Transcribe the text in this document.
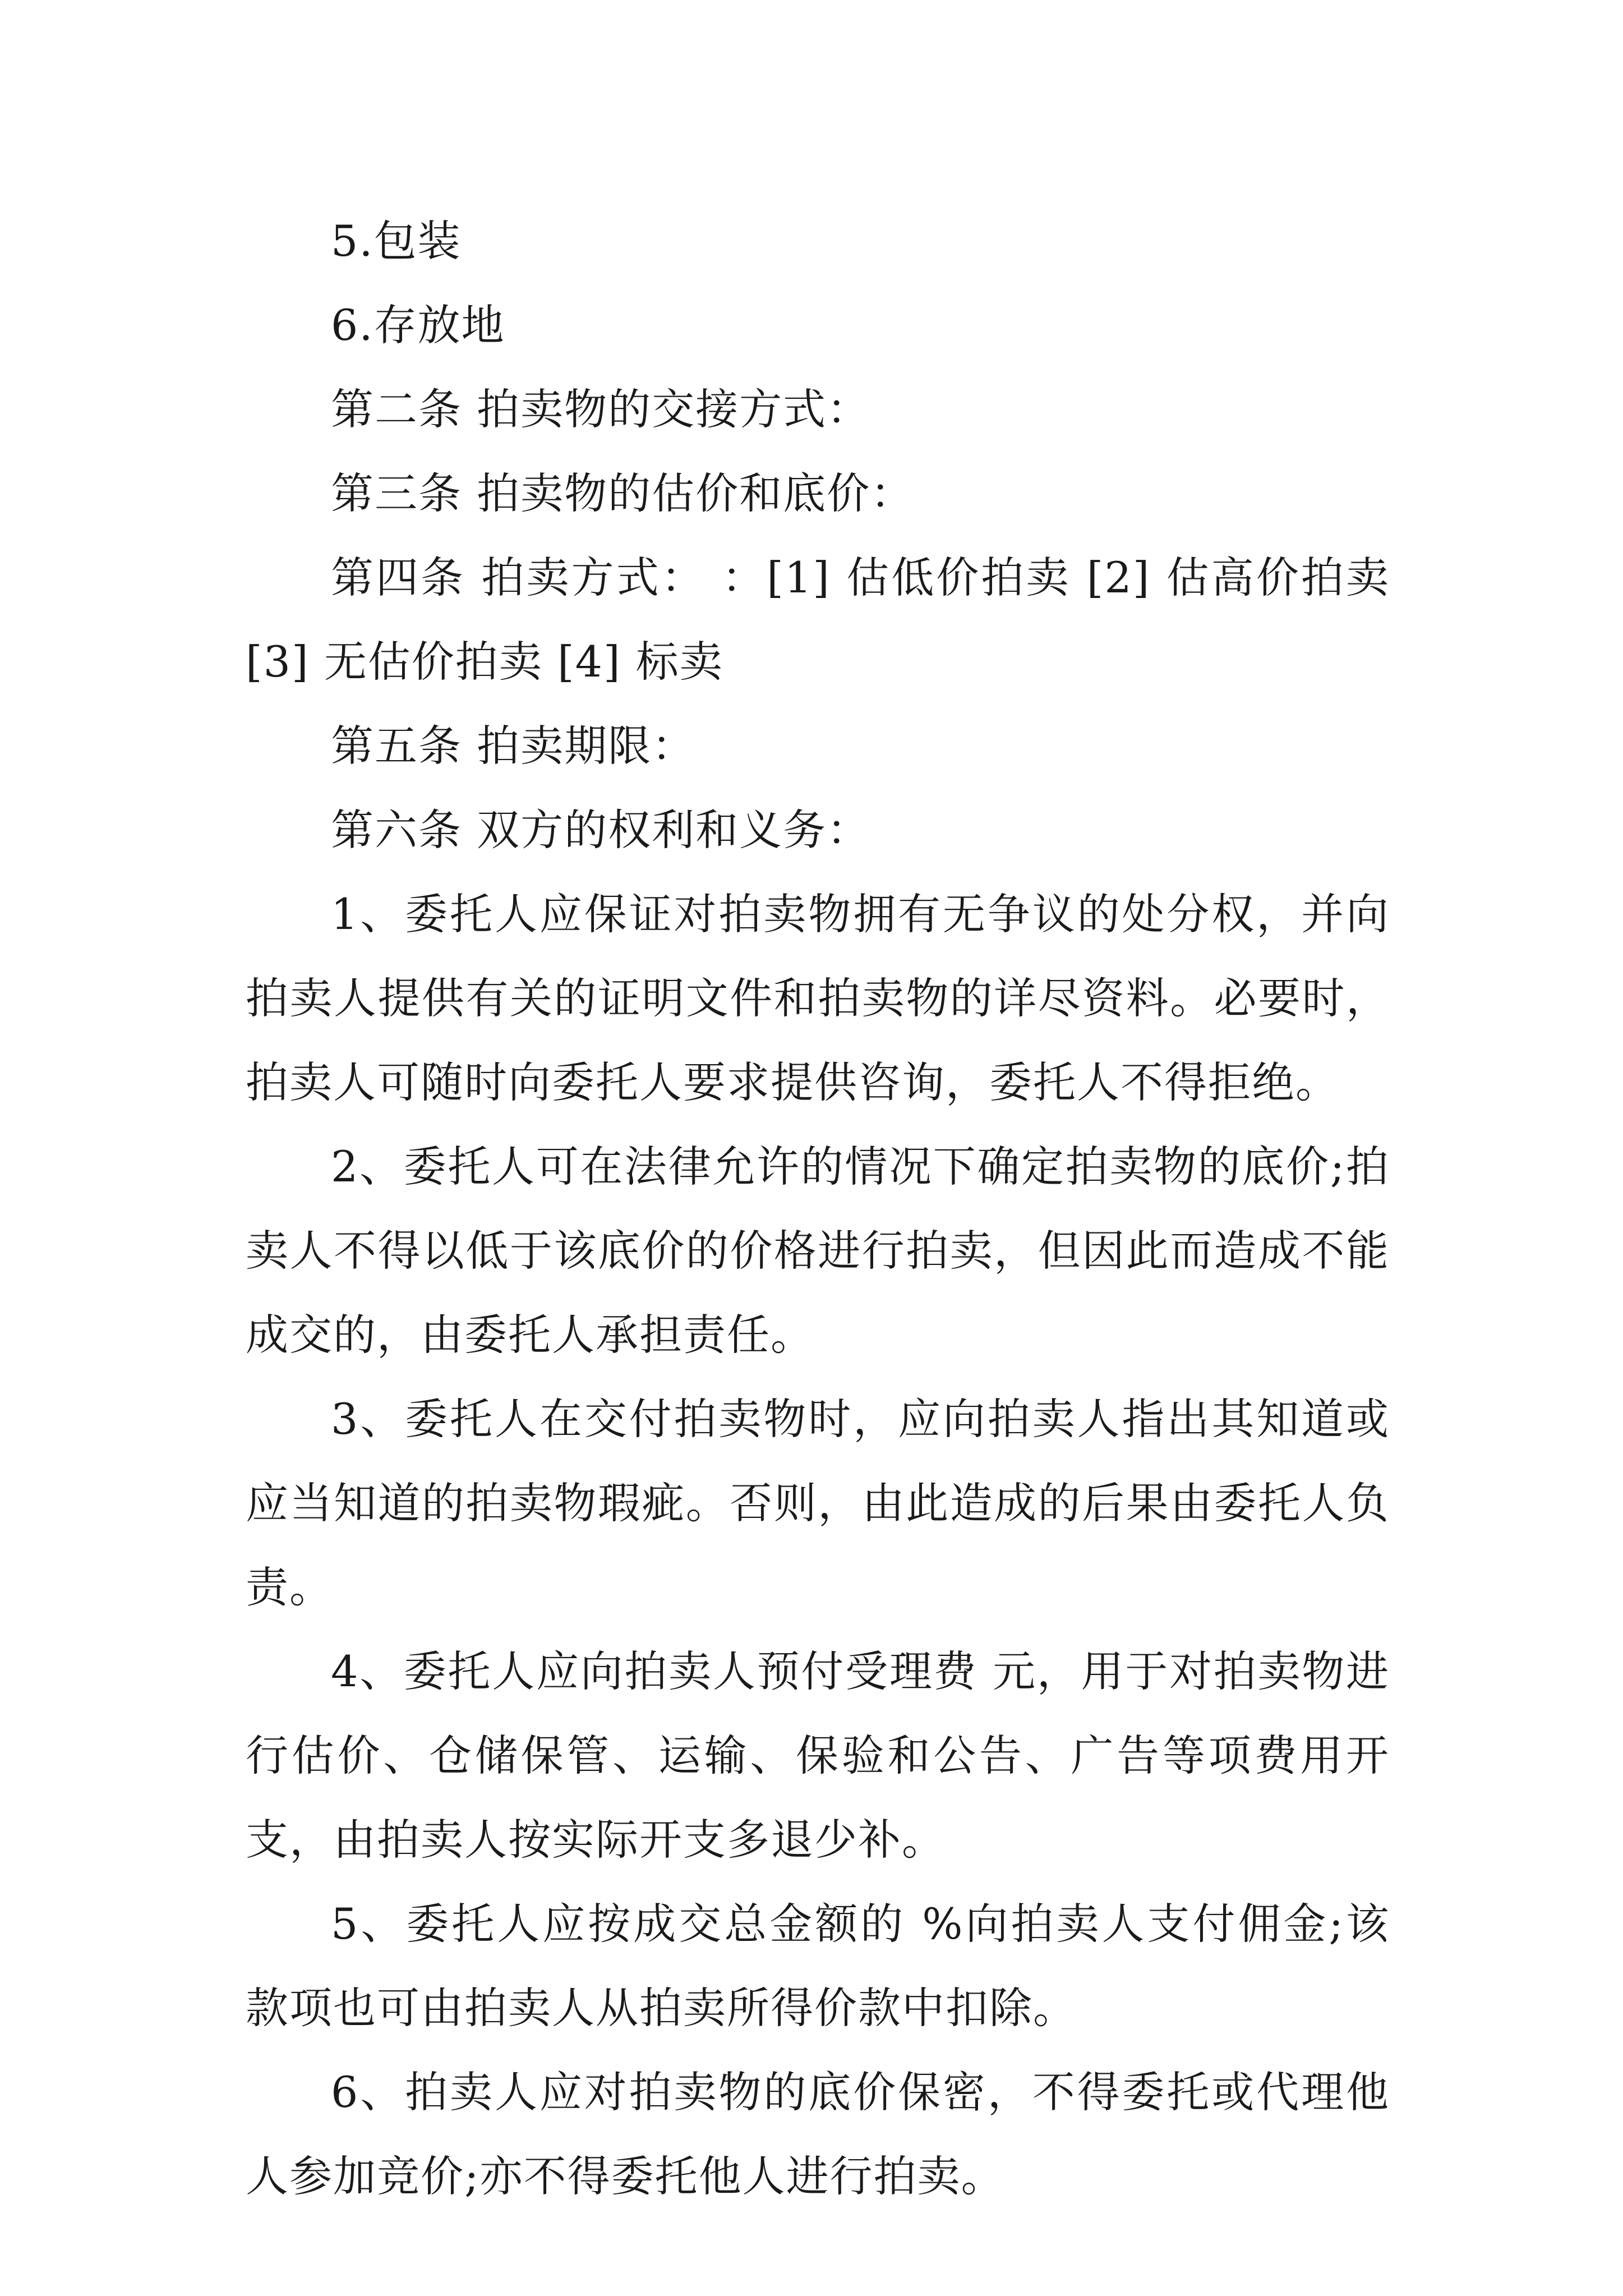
5.包装

6.存放地

第二条 拍卖物的交接方式：

第三条 拍卖物的估价和底价：

第四条 拍卖方式： ：[1] 估低价拍卖 [2] 估高价拍卖 [3] 无估价拍卖 [4] 标卖

第五条 拍卖期限：

第六条 双方的权利和义务：

1、委托人应保证对拍卖物拥有无争议的处分权，并向拍卖人提供有关的证明文件和拍卖物的详尽资料。必要时，拍卖人可随时向委托人要求提供咨询，委托人不得拒绝。

2、委托人可在法律允许的情况下确定拍卖物的底价;拍卖人不得以低于该底价的价格进行拍卖，但因此而造成不能成交的，由委托人承担责任。

3、委托人在交付拍卖物时，应向拍卖人指出其知道或应当知道的拍卖物瑕疵。否则，由此造成的后果由委托人负责。

4、委托人应向拍卖人预付受理费 元，用于对拍卖物进行估价、仓储保管、运输、保验和公告、广告等项费用开支，由拍卖人按实际开支多退少补。

5、委托人应按成交总金额的 %向拍卖人支付佣金;该款项也可由拍卖人从拍卖所得价款中扣除。

6、拍卖人应对拍卖物的底价保密，不得委托或代理他人参加竞价;亦不得委托他人进行拍卖。
